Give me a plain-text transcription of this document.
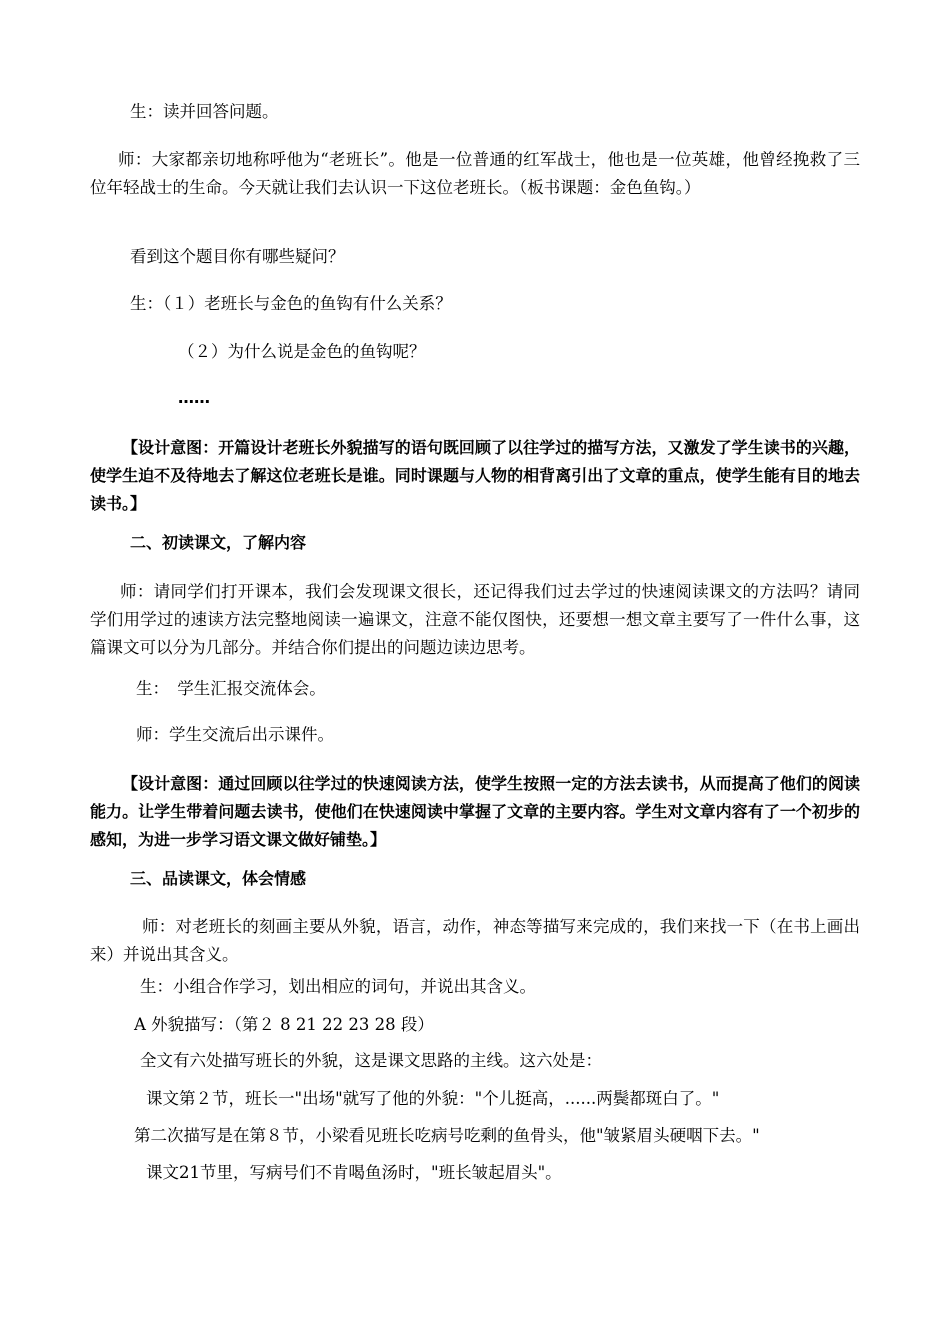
生：读并回答问题。
师：大家都亲切地称呼他为“老班长”。他是一位普通的红军战士，他也是一位英雄，他曾经挽救了三位年轻战士的生命。今天就让我们去认识一下这位老班长。（板书课题：金色鱼钩。）
看到这个题目你有哪些疑问？
生：（１）老班长与金色的鱼钩有什么关系？
（２）为什么说是金色的鱼钩呢？
……
【设计意图：开篇设计老班长外貌描写的语句既回顾了以往学过的描写方法，又激发了学生读书的兴趣，使学生迫不及待地去了解这位老班长是谁。同时课题与人物的相背离引出了文章的重点，使学生能有目的地去读书。】
二、初读课文，了解内容
师：请同学们打开课本，我们会发现课文很长，还记得我们过去学过的快速阅读课文的方法吗？请同学们用学过的速读方法完整地阅读一遍课文，注意不能仅图快，还要想一想文章主要写了一件什么事，这篇课文可以分为几部分。并结合你们提出的问题边读边思考。
生：　学生汇报交流体会。
师：学生交流后出示课件。
【设计意图：通过回顾以往学过的快速阅读方法，使学生按照一定的方法去读书，从而提高了他们的阅读能力。让学生带着问题去读书，使他们在快速阅读中掌握了文章的主要内容。学生对文章内容有了一个初步的感知，为进一步学习语文课文做好铺垫。】
三、品读课文，体会情感
师：对老班长的刻画主要从外貌，语言，动作，神态等描写来完成的，我们来找一下（在书上画出来）并说出其含义。
生：小组合作学习，划出相应的词句，并说出其含义。
A 外貌描写：（第２ 8 21 22 23 28 段）
全文有六处描写班长的外貌，这是课文思路的主线。这六处是：
课文第２节，班长一"出场"就写了他的外貌："个儿挺高，......两鬓都斑白了。"
第二次描写是在第８节，小梁看见班长吃病号吃剩的鱼骨头，他"皱紧眉头硬咽下去。"
课文21节里，写病号们不肯喝鱼汤时，"班长皱起眉头"。
